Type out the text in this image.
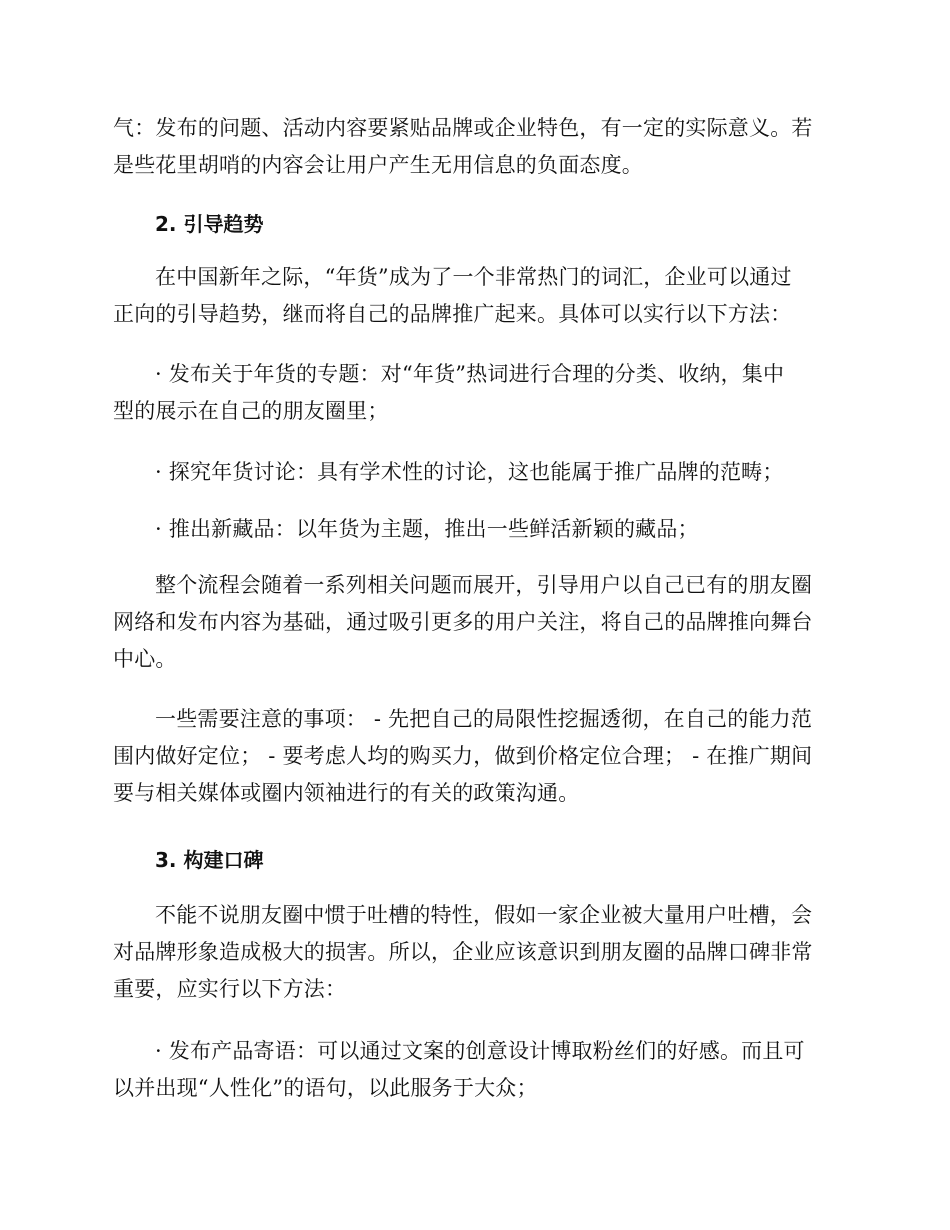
气：发布的问题、活动内容要紧贴品牌或企业特色，有一定的实际意义。若
是些花里胡哨的内容会让用户产生无用信息的负面态度。

2. 引导趋势

在中国新年之际，“年货”成为了一个非常热门的词汇，企业可以通过
正向的引导趋势，继而将自己的品牌推广起来。具体可以实行以下方法：

· 发布关于年货的专题：对“年货”热词进行合理的分类、收纳，集中
型的展示在自己的朋友圈里；

· 探究年货讨论：具有学术性的讨论，这也能属于推广品牌的范畴；

· 推出新藏品：以年货为主题，推出一些鲜活新颖的藏品；

整个流程会随着一系列相关问题而展开，引导用户以自己已有的朋友圈
网络和发布内容为基础，通过吸引更多的用户关注，将自己的品牌推向舞台
中心。

一些需要注意的事项： - 先把自己的局限性挖掘透彻，在自己的能力范
围内做好定位； - 要考虑人均的购买力，做到价格定位合理； - 在推广期间
要与相关媒体或圈内领袖进行的有关的政策沟通。

3. 构建口碑

不能不说朋友圈中惯于吐槽的特性，假如一家企业被大量用户吐槽，会
对品牌形象造成极大的损害。所以，企业应该意识到朋友圈的品牌口碑非常
重要，应实行以下方法：

· 发布产品寄语：可以通过文案的创意设计博取粉丝们的好感。而且可
以并出现“人性化”的语句，以此服务于大众；
